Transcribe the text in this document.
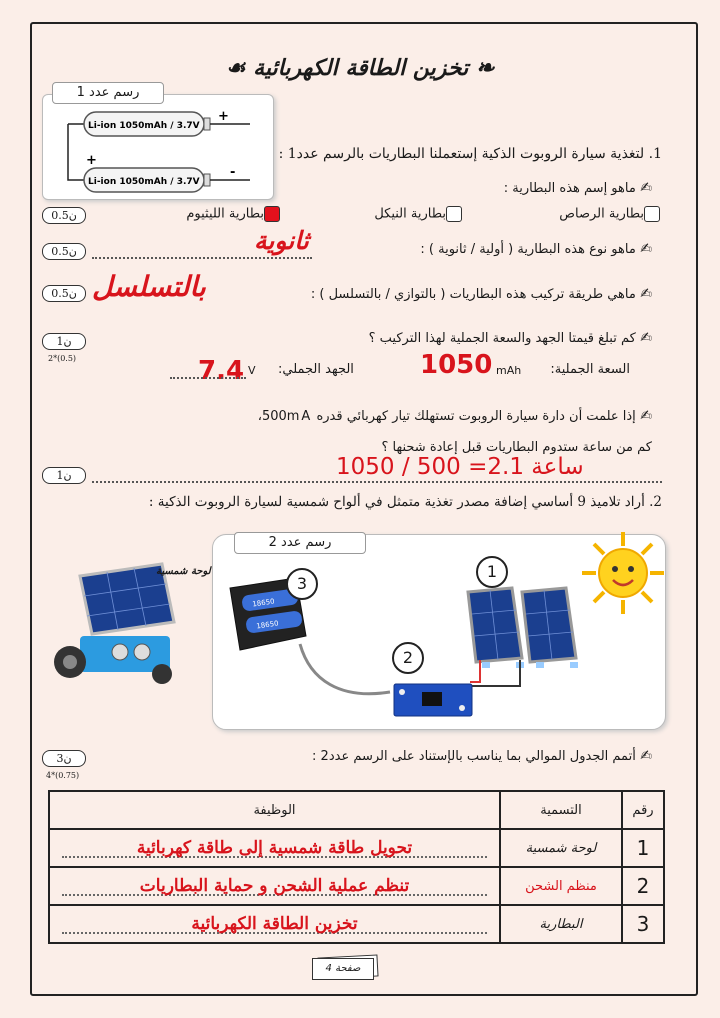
❧ تخزين الطاقة الكهربائية ☙
رسم عدد 1
Li-ion 1050mAh / 3.7V
+
Li-ion 1050mAh / 3.7V
+
-
1. لتغذية سيارة الروبوت الذكية إستعملنا البطاريات بالرسم عدد1 :
✍ ماهو إسم هذه البطارية :
0.5ن	بطارية الرصاص
بطارية النيكل
بطارية الليثيوم
✍ ماهو نوع هذه البطارية ( أولية / ثانوية ) :
0.5ن	ثانوية
✍ ماهي طريقة تركيب هذه البطاريات ( بالتوازي / بالتسلسل ) :
0.5ن بالتسلسل
✍ كم تبلغ قيمتا الجهد والسعة الجملية لهذا التركيب ؟
1ن
2*(0.5)
السعة الجملية:
mAh
1050
الجهد الجملي:
V
7.4
✍ إذا علمت أن دارة سيارة الروبوت تستهلك تيار كهربائي قدره 500mA،
كم من ساعة ستدوم البطاريات قبل إعادة شحنها ؟
1ن	1050 / 500 =2.1 ساعة
2. أراد تلاميذ 9 أساسي إضافة مصدر تغذية متمثل في ألواح شمسية لسيارة الروبوت الذكية :
رسم عدد 2
18650
18650
1
2
3
لوحة شمسية
✍ أتمم الجدول الموالي بما يناسب بالإستناد على الرسم عدد2 :
3ن
4*(0.75)
رقم	التسمية	الوظيفة
1	لوحة شمسية	تحويل طاقة شمسية إلى طاقة كهربائية

2	منظم الشحن	تنظم عملية الشحن و حماية البطاريات

3	البطارية	تخزين الطاقة الكهربائية
صفحة 4
